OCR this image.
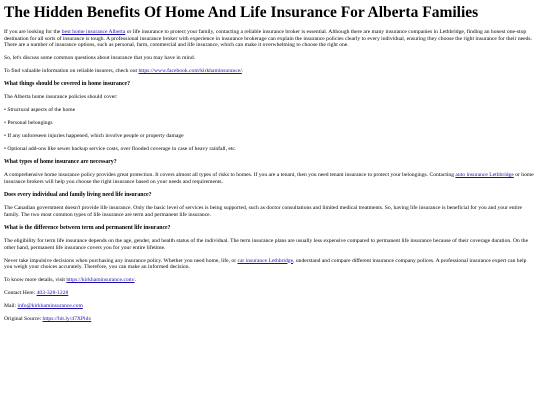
The Hidden Benefits Of Home And Life Insurance For Alberta Families

If you are looking for the best home insurance Alberta or life insurance to protect your family, contacting a reliable insurance broker is essential. Although there are many insurance companies in Lethbridge, finding an honest one-stop destination for all sorts of insurance is tough. A professional insurance broker with experience in insurance brokerage can explain the insurance policies clearly to every individual, ensuring they choose the right insurance for their needs. There are a number of insurance options, such as personal, farm, commercial and life insurance, which can make it overwhelming to choose the right one.

So, let's discuss some common questions about insurance that you may have in mind.

To find valuable information on reliable insurers, check out https://www.facebook.com/kirkhaminsurance/.

What things should be covered in home insurance?

The Alberta home insurance policies should cover:

• Structural aspects of the home

• Personal belongings

• If any unforeseen injuries happened, which involve people or property damage

• Optional add-ons like sewer backup service costs, over flooded coverage in case of heavy rainfall, etc.

What types of home insurance are necessary?

A comprehensive home insurance policy provides great protection. It covers almost all types of risks to homes. If you are a tenant, then you need tenant insurance to protect your belongings. Contacting auto insurance Lethbridge or home insurance brokers will help you choose the right insurance based on your needs and requirements.

Does every individual and family living need life insurance?

The Canadian government doesn't provide life insurance. Only the basic level of services is being supported, such as doctor consultations and limited medical treatments. So, having life insurance is beneficial for you and your entire family. The two most common types of life insurance are term and permanent life insurance.

What is the difference between term and permanent life insurance?

The eligibility for term life insurance depends on the age, gender, and health status of the individual. The term insurance plans are usually less expensive compared to permanent life insurance because of their coverage duration. On the other hand, permanent life insurance covers you for your entire lifetime.

Never take impulsive decisions when purchasing any insurance policy. Whether you need home, life, or car insurance Lethbridge, understand and compare different insurance company polices. A professional insurance expert can help you weigh your choices accurately. Therefore, you can make an informed decision.

To know more details, visit https://kirkhaminsurance.com/.

Contact Here: 403-328-1228

Mail: info@kirkhaminsurance.com

Original Source: https://bit.ly/47XPldx
